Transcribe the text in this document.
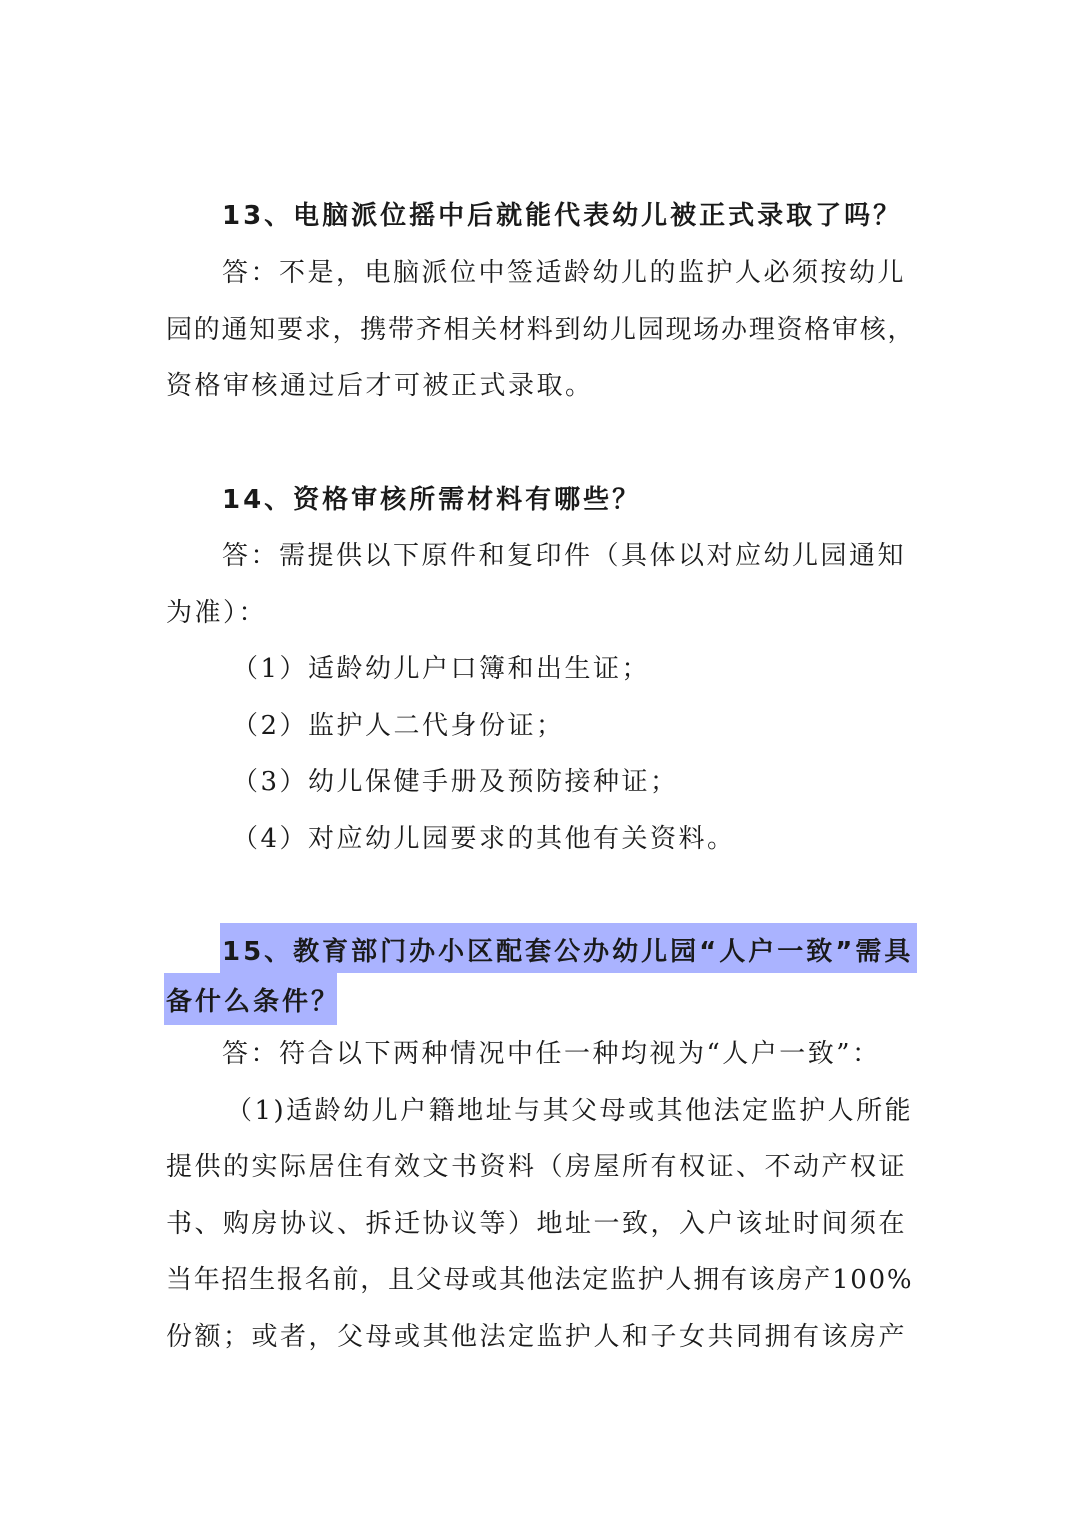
13、电脑派位摇中后就能代表幼儿被正式录取了吗？

答：不是，电脑派位中签适龄幼儿的监护人必须按幼儿

园的通知要求，携带齐相关材料到幼儿园现场办理资格审核，

资格审核通过后才可被正式录取。

14、资格审核所需材料有哪些？

答：需提供以下原件和复印件（具体以对应幼儿园通知

为准）：

（1）适龄幼儿户口簿和出生证；

（2）监护人二代身份证；

（3）幼儿保健手册及预防接种证；

（4）对应幼儿园要求的其他有关资料。

15、教育部门办小区配套公办幼儿园“人户一致”需具

备什么条件？

答：符合以下两种情况中任一种均视为“人户一致”：

（1)适龄幼儿户籍地址与其父母或其他法定监护人所能

提供的实际居住有效文书资料（房屋所有权证、不动产权证

书、购房协议、拆迁协议等）地址一致，入户该址时间须在

当年招生报名前，且父母或其他法定监护人拥有该房产100%

份额；或者，父母或其他法定监护人和子女共同拥有该房产
